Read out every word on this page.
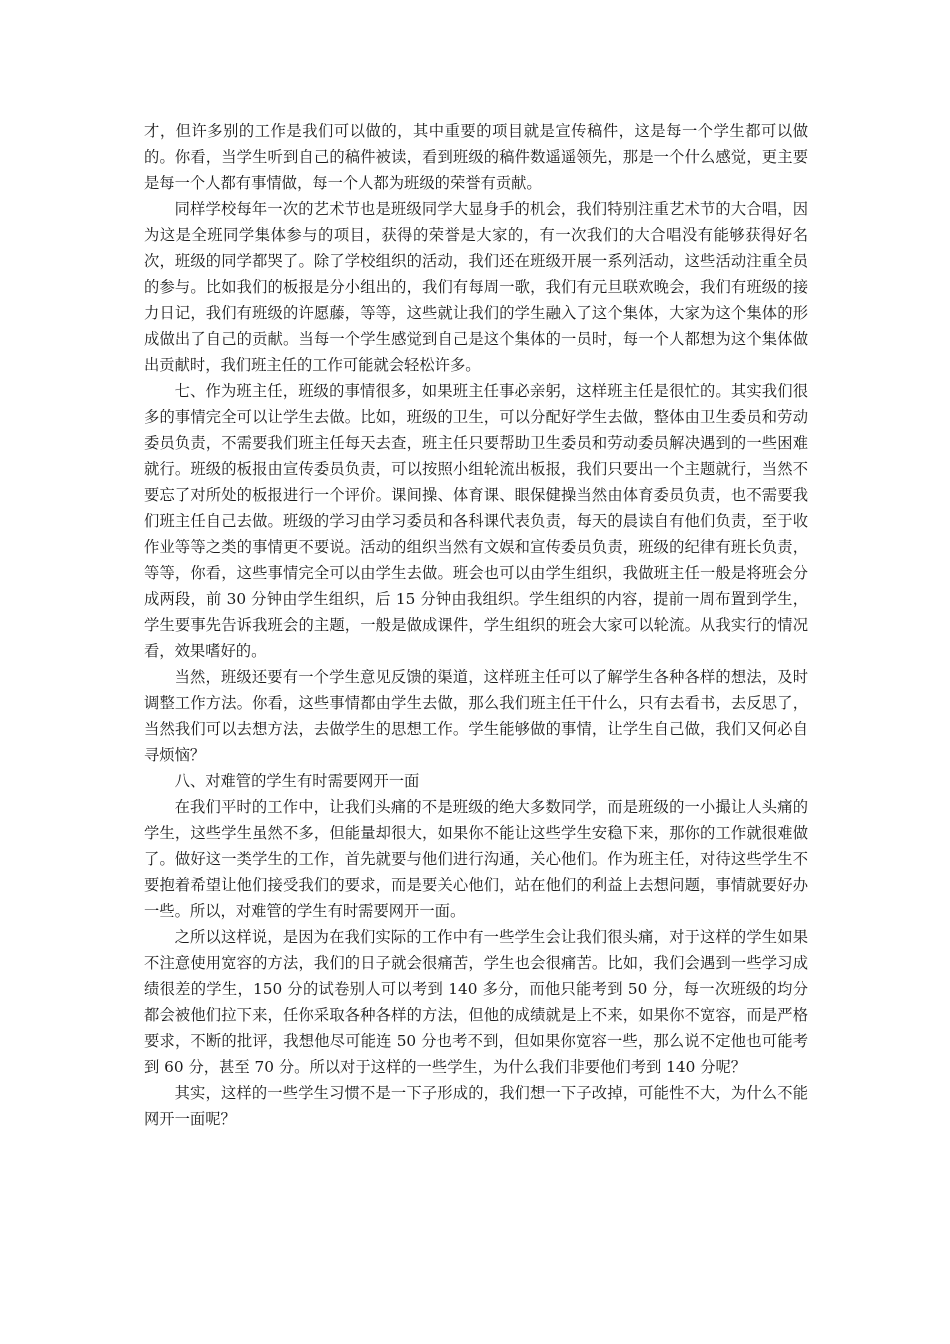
才，但许多别的工作是我们可以做的，其中重要的项目就是宣传稿件，这是每一个学生都可以做的。你看，当学生听到自己的稿件被读，看到班级的稿件数遥遥领先，那是一个什么感觉，更主要是每一个人都有事情做，每一个人都为班级的荣誉有贡献。

同样学校每年一次的艺术节也是班级同学大显身手的机会，我们特别注重艺术节的大合唱，因为这是全班同学集体参与的项目，获得的荣誉是大家的，有一次我们的大合唱没有能够获得好名次，班级的同学都哭了。除了学校组织的活动，我们还在班级开展一系列活动，这些活动注重全员的参与。比如我们的板报是分小组出的，我们有每周一歌，我们有元旦联欢晚会，我们有班级的接力日记，我们有班级的许愿藤，等等，这些就让我们的学生融入了这个集体，大家为这个集体的形成做出了自己的贡献。当每一个学生感觉到自己是这个集体的一员时，每一个人都想为这个集体做出贡献时，我们班主任的工作可能就会轻松许多。

七、作为班主任，班级的事情很多，如果班主任事必亲躬，这样班主任是很忙的。其实我们很多的事情完全可以让学生去做。比如，班级的卫生，可以分配好学生去做，整体由卫生委员和劳动委员负责，不需要我们班主任每天去查，班主任只要帮助卫生委员和劳动委员解决遇到的一些困难就行。班级的板报由宣传委员负责，可以按照小组轮流出板报，我们只要出一个主题就行，当然不要忘了对所处的板报进行一个评价。课间操、体育课、眼保健操当然由体育委员负责，也不需要我们班主任自己去做。班级的学习由学习委员和各科课代表负责，每天的晨读自有他们负责，至于收作业等等之类的事情更不要说。活动的组织当然有文娱和宣传委员负责，班级的纪律有班长负责，等等，你看，这些事情完全可以由学生去做。班会也可以由学生组织，我做班主任一般是将班会分成两段，前 30 分钟由学生组织，后 15 分钟由我组织。学生组织的内容，提前一周布置到学生，学生要事先告诉我班会的主题，一般是做成课件，学生组织的班会大家可以轮流。从我实行的情况看，效果嗜好的。

当然，班级还要有一个学生意见反馈的渠道，这样班主任可以了解学生各种各样的想法，及时调整工作方法。你看，这些事情都由学生去做，那么我们班主任干什么，只有去看书，去反思了，当然我们可以去想方法，去做学生的思想工作。学生能够做的事情，让学生自己做，我们又何必自寻烦恼？

八、对难管的学生有时需要网开一面

在我们平时的工作中，让我们头痛的不是班级的绝大多数同学，而是班级的一小撮让人头痛的学生，这些学生虽然不多，但能量却很大，如果你不能让这些学生安稳下来，那你的工作就很难做了。做好这一类学生的工作，首先就要与他们进行沟通，关心他们。作为班主任，对待这些学生不要抱着希望让他们接受我们的要求，而是要关心他们，站在他们的利益上去想问题，事情就要好办一些。所以，对难管的学生有时需要网开一面。

之所以这样说，是因为在我们实际的工作中有一些学生会让我们很头痛，对于这样的学生如果不注意使用宽容的方法，我们的日子就会很痛苦，学生也会很痛苦。比如，我们会遇到一些学习成绩很差的学生，150 分的试卷别人可以考到 140 多分，而他只能考到 50 分，每一次班级的均分都会被他们拉下来，任你采取各种各样的方法，但他的成绩就是上不来，如果你不宽容，而是严格要求，不断的批评，我想他尽可能连 50 分也考不到，但如果你宽容一些，那么说不定他也可能考到 60 分，甚至 70 分。所以对于这样的一些学生，为什么我们非要他们考到 140 分呢？

其实，这样的一些学生习惯不是一下子形成的，我们想一下子改掉，可能性不大，为什么不能网开一面呢？
